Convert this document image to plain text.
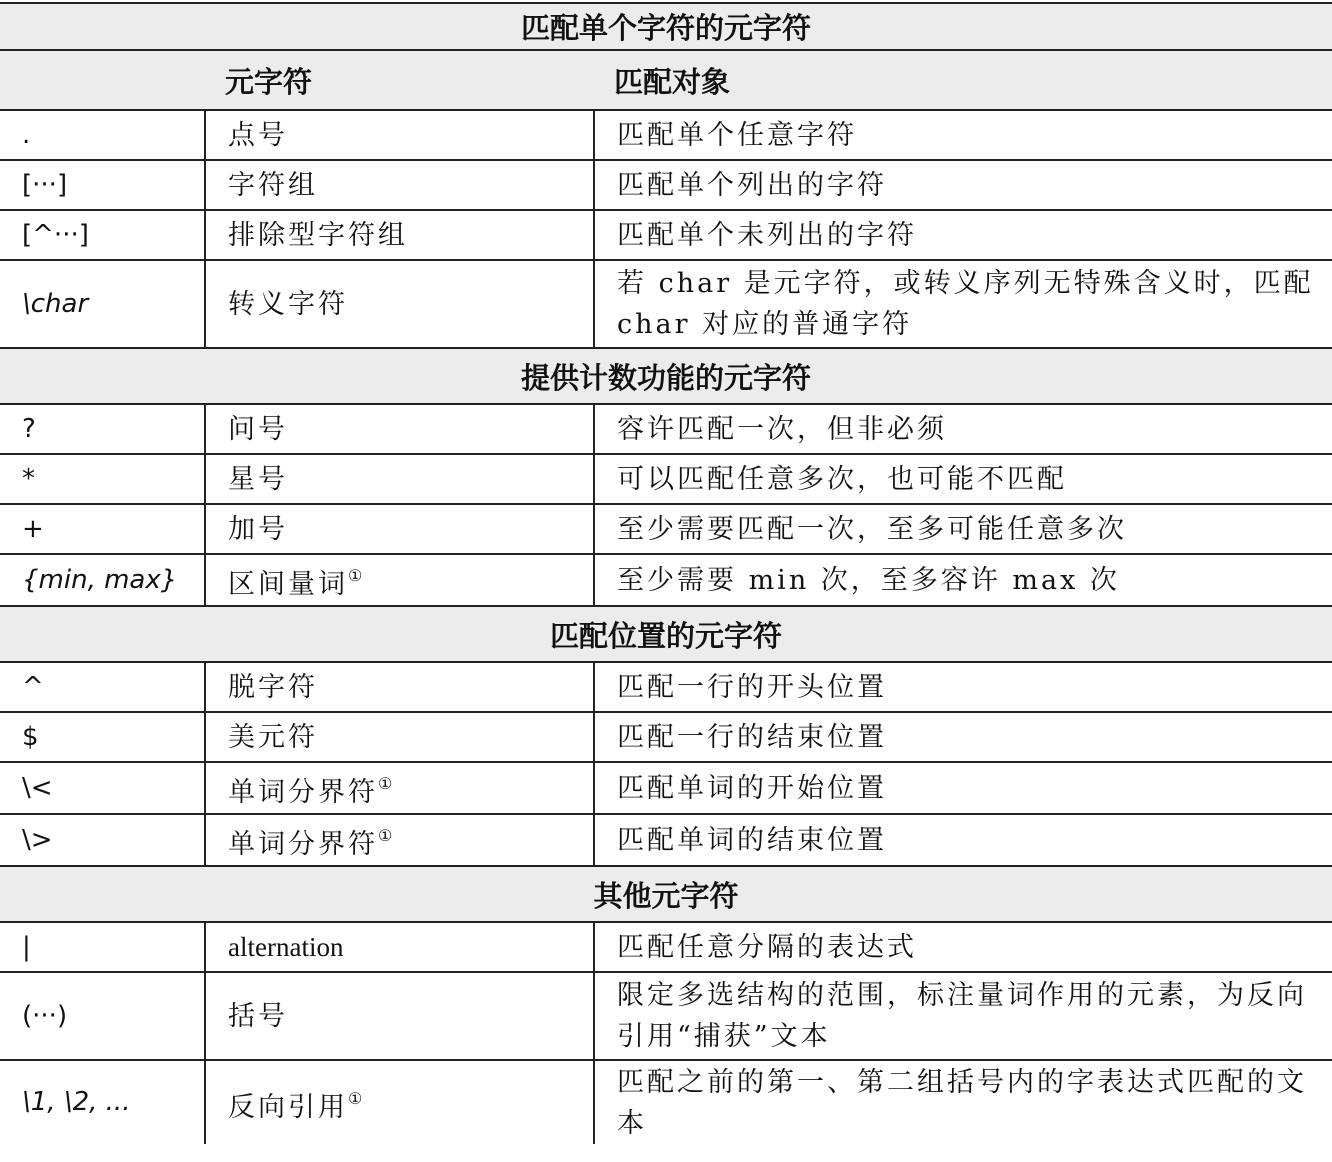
匹配单个字符的元字符		
	元字符	匹配对象
.	点号	匹配单个任意字符
[···]	字符组	匹配单个列出的字符
[^···]	排除型字符组	匹配单个未列出的字符
\char	转义字符	若 char 是元字符，或转义序列无特殊含义时，匹配 char 对应的普通字符
提供计数功能的元字符		
?	问号	容许匹配一次，但非必须
*	星号	可以匹配任意多次，也可能不匹配
+	加号	至少需要匹配一次，至多可能任意多次
{min, max}	区间量词①	至少需要 min 次，至多容许 max 次
匹配位置的元字符		
^	脱字符	匹配一行的开头位置
$	美元符	匹配一行的结束位置
\<	单词分界符①	匹配单词的开始位置
\>	单词分界符①	匹配单词的结束位置
其他元字符		
|	alternation	匹配任意分隔的表达式
(···)	括号	限定多选结构的范围，标注量词作用的元素，为反向引用“捕获”文本
\1, \2, ...	反向引用①	匹配之前的第一、第二组括号内的字表达式匹配的文本
